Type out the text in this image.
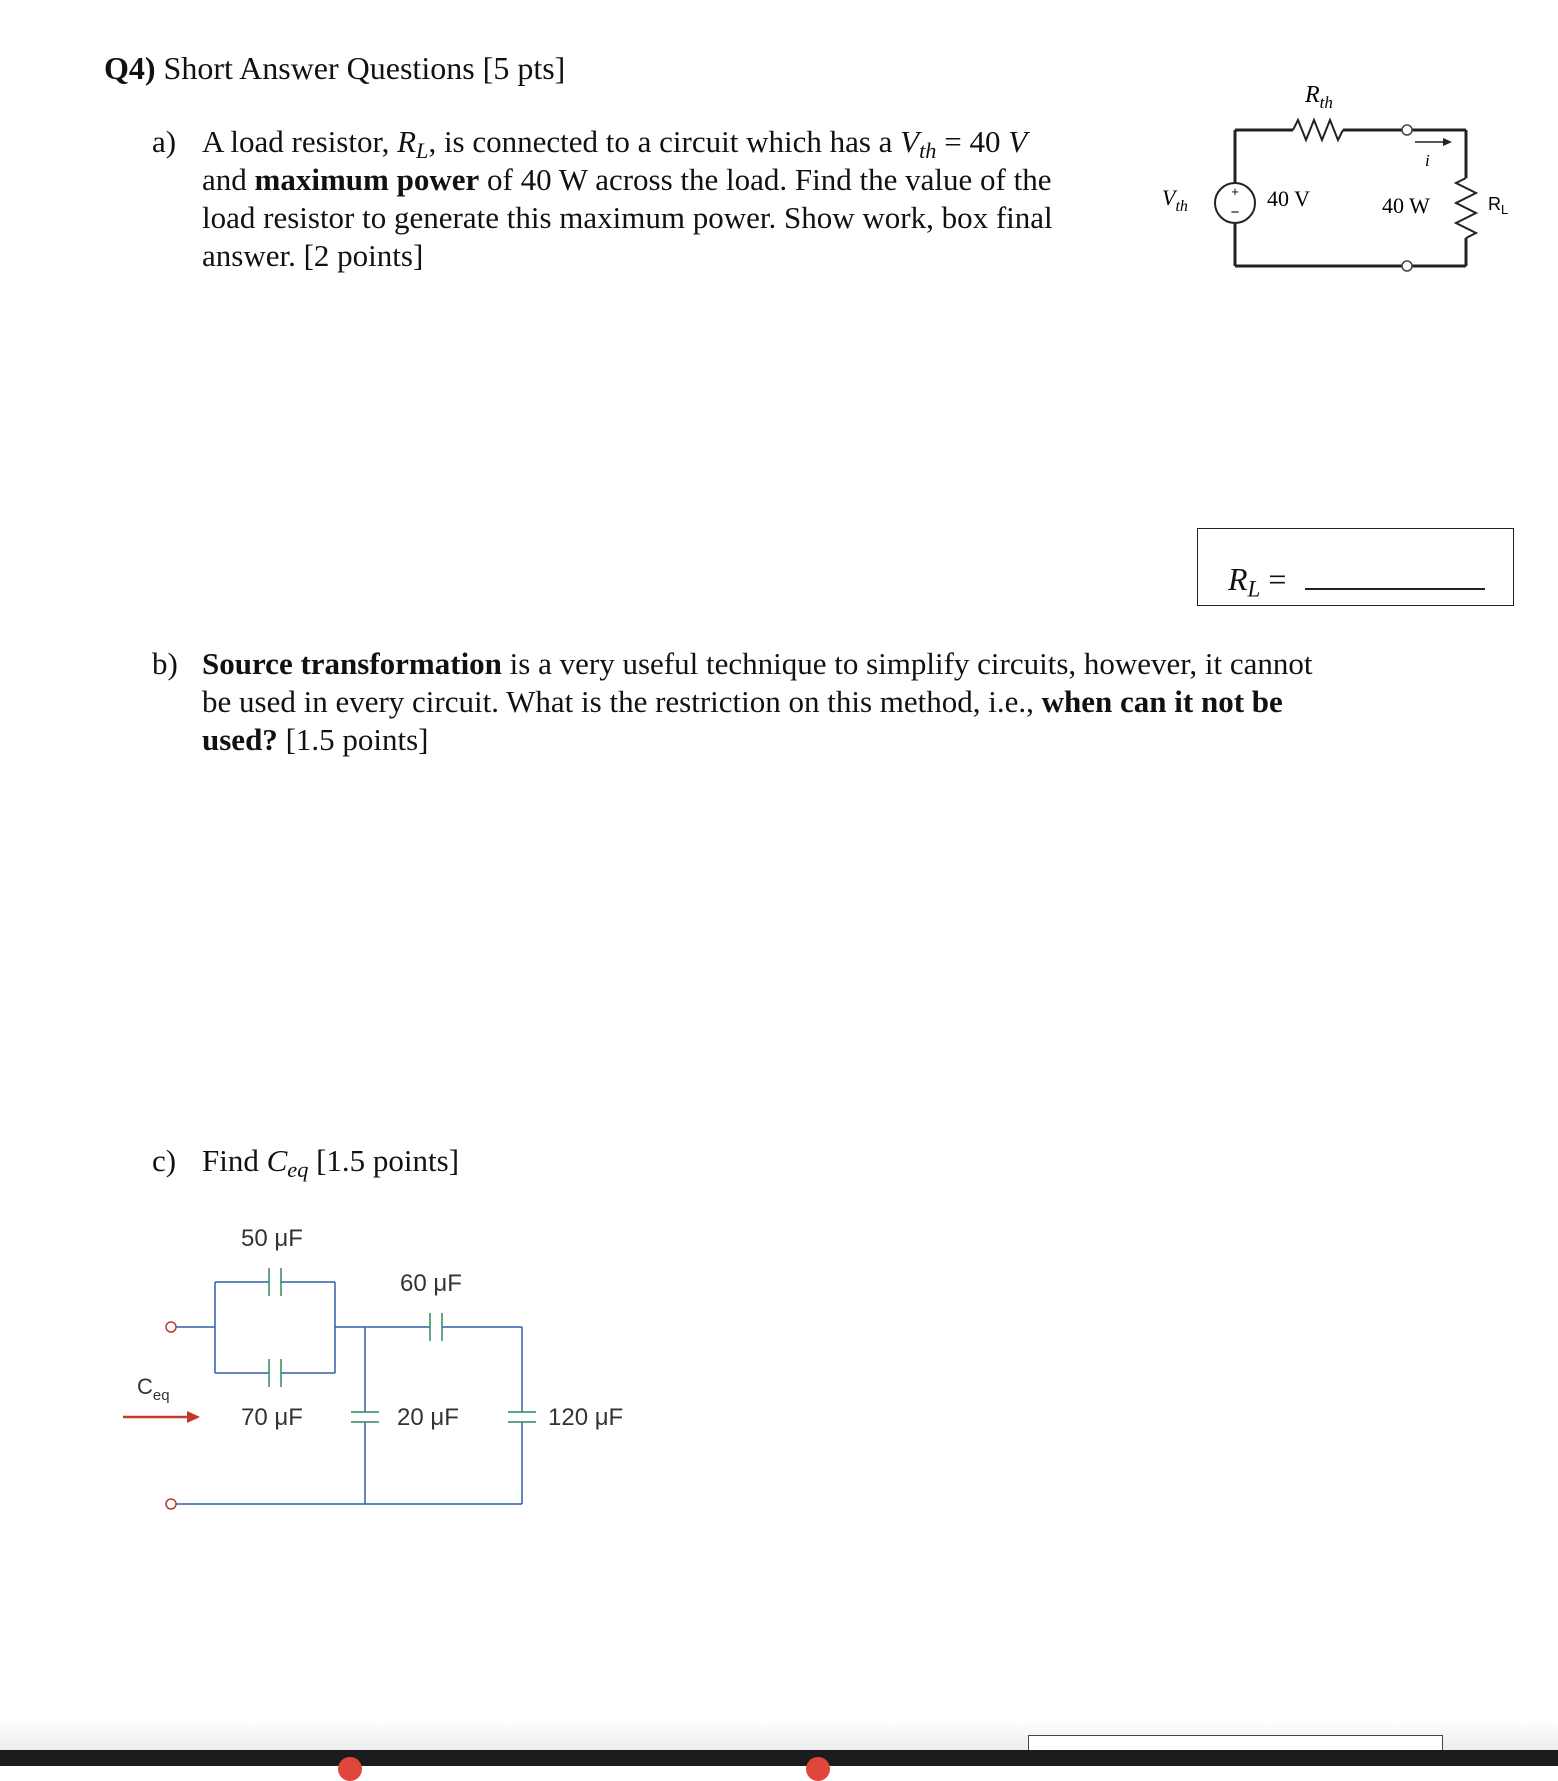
Q4) Short Answer Questions [5 pts]
a) A load resistor, $R_L$, is connected to a circuit which has a $V_{th} = 40$ V
and maximum power of 40 W across the load. Find the value of the
load resistor to generate this maximum power. Show work, box final
answer. [2 points]
+
−
$R_{th}$
$V_{th}$	40 V
i
40 W	$R_L$
$R_L$ =
b) Source transformation is a very useful technique to simplify circuits, however, it cannot
be used in every circuit. What is the restriction on this method, i.e., when can it not be
used? [1.5 points]
c) Find $C_{eq}$ [1.5 points]
50 μF
70 μF
60 μF
20 μF	120 μF
$C_{eq}$
